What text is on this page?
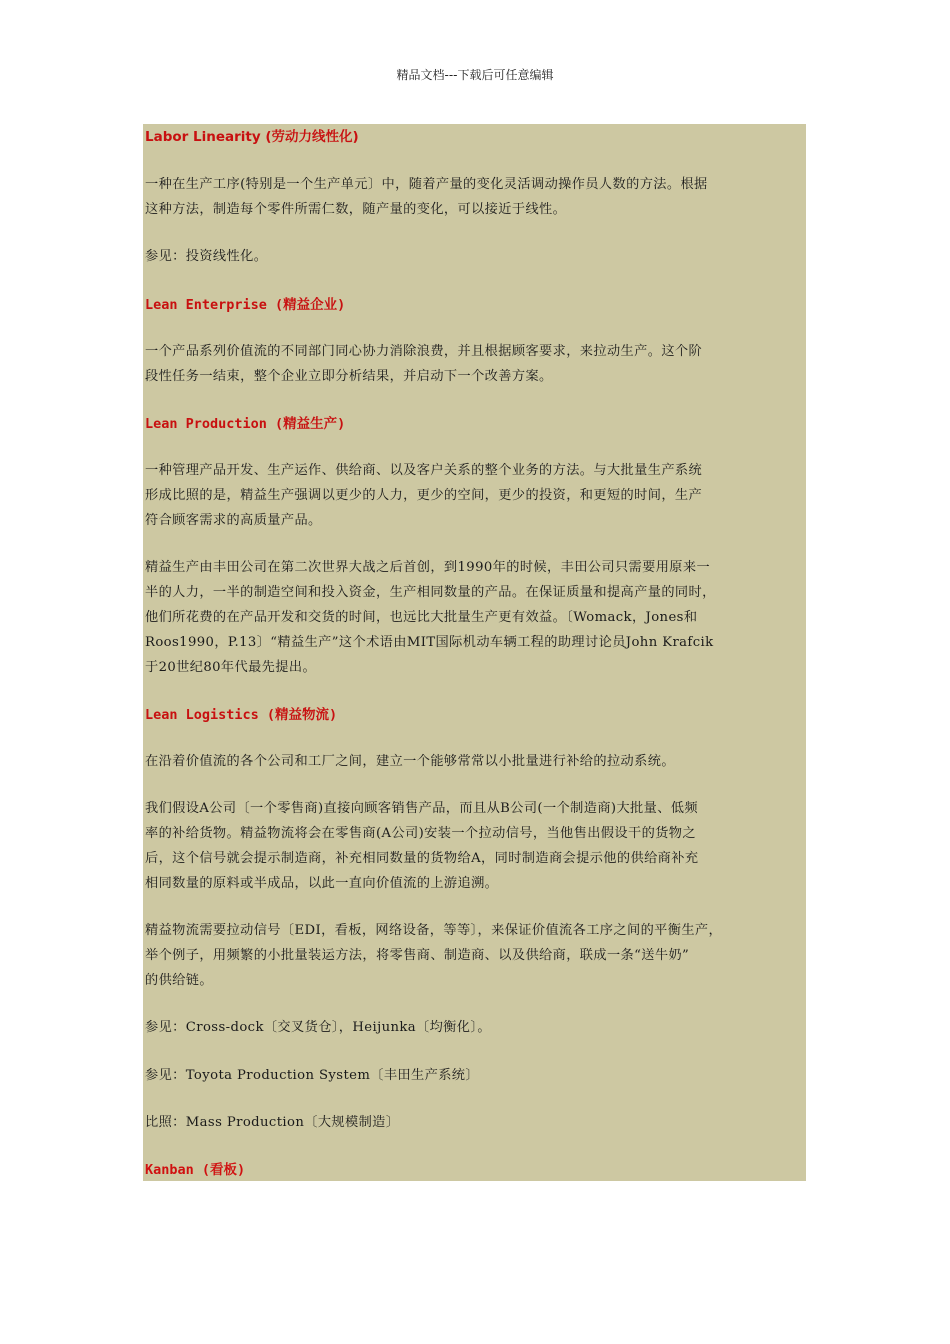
精品文档---下载后可任意编辑
Labor Linearity (劳动力线性化)
一种在生产工序(特别是一个生产单元〕中，随着产量的变化灵活调动操作员人数的方法。根据
这种方法，制造每个零件所需仁数，随产量的变化，可以接近于线性。
参见：投资线性化。
Lean Enterprise (精益企业)
一个产品系列价值流的不同部门同心协力消除浪费，并且根据顾客要求，来拉动生产。这个阶
段性任务一结束，整个企业立即分析结果，并启动下一个改善方案。
Lean Production (精益生产)
一种管理产品开发、生产运作、供给商、以及客户关系的整个业务的方法。与大批量生产系统
形成比照的是，精益生产强调以更少的人力，更少的空间，更少的投资，和更短的时间，生产
符合顾客需求的高质量产品。
精益生产由丰田公司在第二次世界大战之后首创，到1990年的时候，丰田公司只需要用原来一
半的人力，一半的制造空间和投入资金，生产相同数量的产品。在保证质量和提高产量的同时，
他们所花费的在产品开发和交货的时间，也远比大批量生产更有效益。〔Womack，Jones和
Roos1990，P.13〕“精益生产”这个术语由MIT国际机动车辆工程的助理讨论员John Krafcik
于20世纪80年代最先提出。
Lean Logistics (精益物流)
在沿着价值流的各个公司和工厂之间，建立一个能够常常以小批量进行补给的拉动系统。
我们假设A公司〔一个零售商)直接向顾客销售产品，而且从B公司(一个制造商)大批量、低频
率的补给货物。精益物流将会在零售商(A公司)安装一个拉动信号，当他售出假设干的货物之
后，这个信号就会提示制造商，补充相同数量的货物给A，同时制造商会提示他的供给商补充
相同数量的原料或半成品，以此一直向价值流的上游追溯。
精益物流需要拉动信号〔EDI，看板，网络设备，等等〕，来保证价值流各工序之间的平衡生产，
举个例子，用频繁的小批量装运方法，将零售商、制造商、以及供给商，联成一条“送牛奶”
的供给链。
参见：Cross-dock〔交叉货仓〕，Heijunka〔均衡化〕。
参见：Toyota Production System〔丰田生产系统〕
比照：Mass Production〔大规模制造〕
Kanban (看板)
